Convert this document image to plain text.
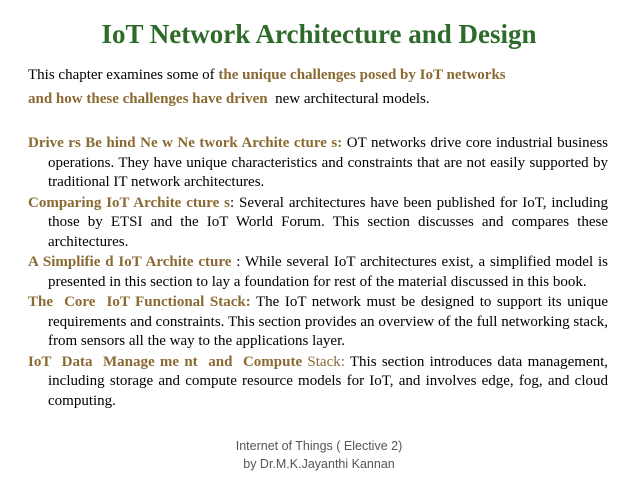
IoT Network Architecture and Design
This chapter examines some of the unique challenges posed by IoT networks
and how these challenges have driven  new architectural models.
Drive rs Be hind Ne w Ne twork Archite cture s: OT networks drive core industrial business operations. They have unique characteristics and constraints that are not easily supported by traditional IT network architectures.
Comparing IoT Archite cture s: Several architectures have been published for IoT, including those by ETSI and the IoT World Forum. This section discusses and compares these architectures.
A Simplifie d IoT Archite cture : While several IoT architectures exist, a simplified model is presented in this section to lay a foundation for rest of the material discussed in this book.
The  Core  IoT Functional Stack: The IoT network must be designed to support its unique requirements and constraints. This section provides an overview of the full networking stack, from sensors all the way to the applications layer.
IoT  Data  Manage me nt  and  Compute Stack: This section introduces data management, including storage and compute resource models for IoT, and involves edge, fog, and cloud computing.
Internet of Things ( Elective 2)
by Dr.M.K.Jayanthi Kannan
